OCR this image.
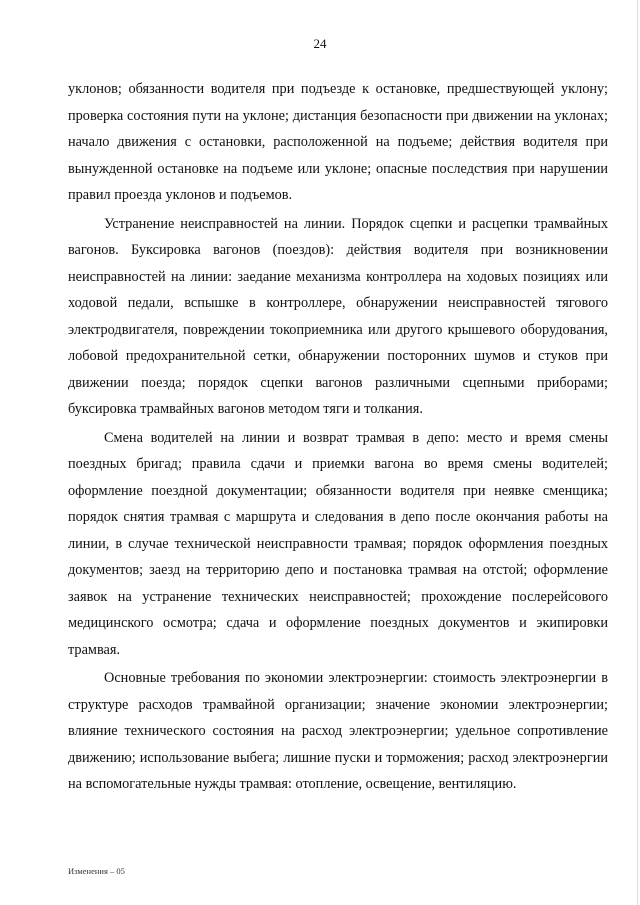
24

уклонов; обязанности водителя при подъезде к остановке, предшествующей уклону; проверка состояния пути на уклоне; дистанция безопасности при движении на уклонах; начало движения с остановки, расположенной на подъеме; действия водителя при вынужденной остановке на подъеме или уклоне; опасные последствия при нарушении правил проезда уклонов и подъемов.

Устранение неисправностей на линии. Порядок сцепки и расцепки трамвайных вагонов. Буксировка вагонов (поездов): действия водителя при возникновении неисправностей на линии: заедание механизма контроллера на ходовых позициях или ходовой педали, вспышке в контроллере, обнаружении неисправностей тягового электродвигателя, повреждении токоприемника или другого крышевого оборудования, лобовой предохранительной сетки, обнаружении посторонних шумов и стуков при движении поезда; порядок сцепки вагонов различными сцепными приборами; буксировка трамвайных вагонов методом тяги и толкания.

Смена водителей на линии и возврат трамвая в депо: место и время смены поездных бригад; правила сдачи и приемки вагона во время смены водителей; оформление поездной документации; обязанности водителя при неявке сменщика; порядок снятия трамвая с маршрута и следования в депо после окончания работы на линии, в случае технической неисправности трамвая; порядок оформления поездных документов; заезд на территорию депо и постановка трамвая на отстой; оформление заявок на устранение технических неисправностей; прохождение послерейсового медицинского осмотра; сдача и оформление поездных документов и экипировки трамвая.

Основные требования по экономии электроэнергии: стоимость электроэнергии в структуре расходов трамвайной организации; значение экономии электроэнергии; влияние технического состояния на расход электроэнергии; удельное сопротивление движению; использование выбега; лишние пуски и торможения; расход электроэнергии на вспомогательные нужды трамвая: отопление, освещение, вентиляцию.

Изменения – 05
